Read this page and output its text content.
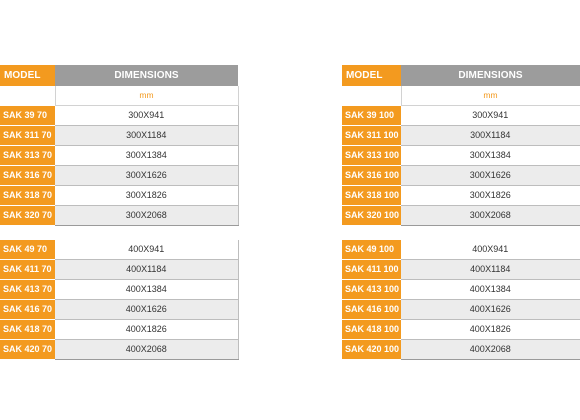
MODEL	DIMENSIONS
	mm
SAK 39 70	300X941
SAK 311 70	300X1184
SAK 313 70	300X1384
SAK 316 70	300X1626
SAK 318 70	300X1826
SAK 320 70	300X2068
SAK 49 70	400X941
SAK 411 70	400X1184
SAK 413 70	400X1384
SAK 416 70	400X1626
SAK 418 70	400X1826
SAK 420 70	400X2068
MODEL	DIMENSIONS
	mm
SAK 39 100	300X941
SAK 311 100	300X1184
SAK 313 100	300X1384
SAK 316 100	300X1626
SAK 318 100	300X1826
SAK 320 100	300X2068
SAK 49 100	400X941
SAK 411 100	400X1184
SAK 413 100	400X1384
SAK 416 100	400X1626
SAK 418 100	400X1826
SAK 420 100	400X2068
